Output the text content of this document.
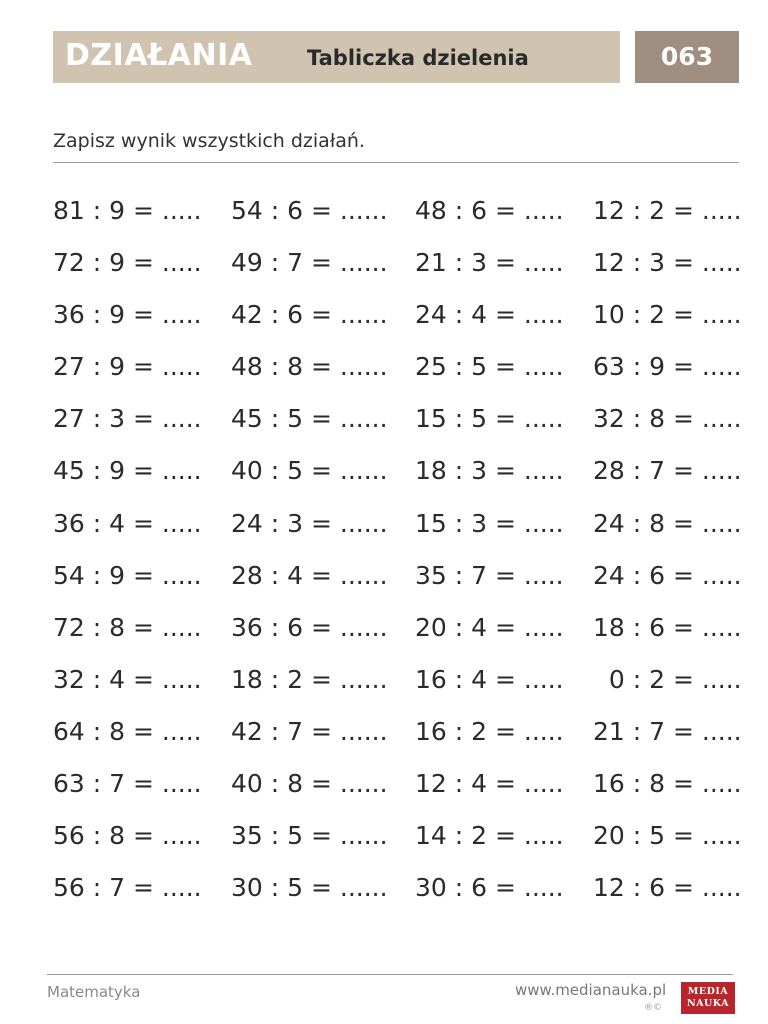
DZIAŁANIA	Tabliczka dzielenia	063
Zapisz wynik wszystkich działań.
81 : 9 = ..... 54 : 6 = ...... 48 : 6 = ..... 12 : 2 = .....
72 : 9 = ..... 49 : 7 = ...... 21 : 3 = ..... 12 : 3 = .....
36 : 9 = ..... 42 : 6 = ...... 24 : 4 = ..... 10 : 2 = .....
27 : 9 = ..... 48 : 8 = ...... 25 : 5 = ..... 63 : 9 = .....
27 : 3 = ..... 45 : 5 = ...... 15 : 5 = ..... 32 : 8 = .....
45 : 9 = ..... 40 : 5 = ...... 18 : 3 = ..... 28 : 7 = .....
36 : 4 = ..... 24 : 3 = ...... 15 : 3 = ..... 24 : 8 = .....
54 : 9 = ..... 28 : 4 = ...... 35 : 7 = ..... 24 : 6 = .....
72 : 8 = ..... 36 : 6 = ...... 20 : 4 = ..... 18 : 6 = .....
32 : 4 = ..... 18 : 2 = ...... 16 : 4 = ..... 0 : 2 = .....
64 : 8 = ..... 42 : 7 = ...... 16 : 2 = ..... 21 : 7 = .....
63 : 7 = ..... 40 : 8 = ...... 12 : 4 = ..... 16 : 8 = .....
56 : 8 = ..... 35 : 5 = ...... 14 : 2 = ..... 20 : 5 = .....
56 : 7 = ..... 30 : 5 = ...... 30 : 6 = ..... 12 : 6 = .....
Matematyka	www.medianauka.pl
®©
MEDIA
NAUKA
